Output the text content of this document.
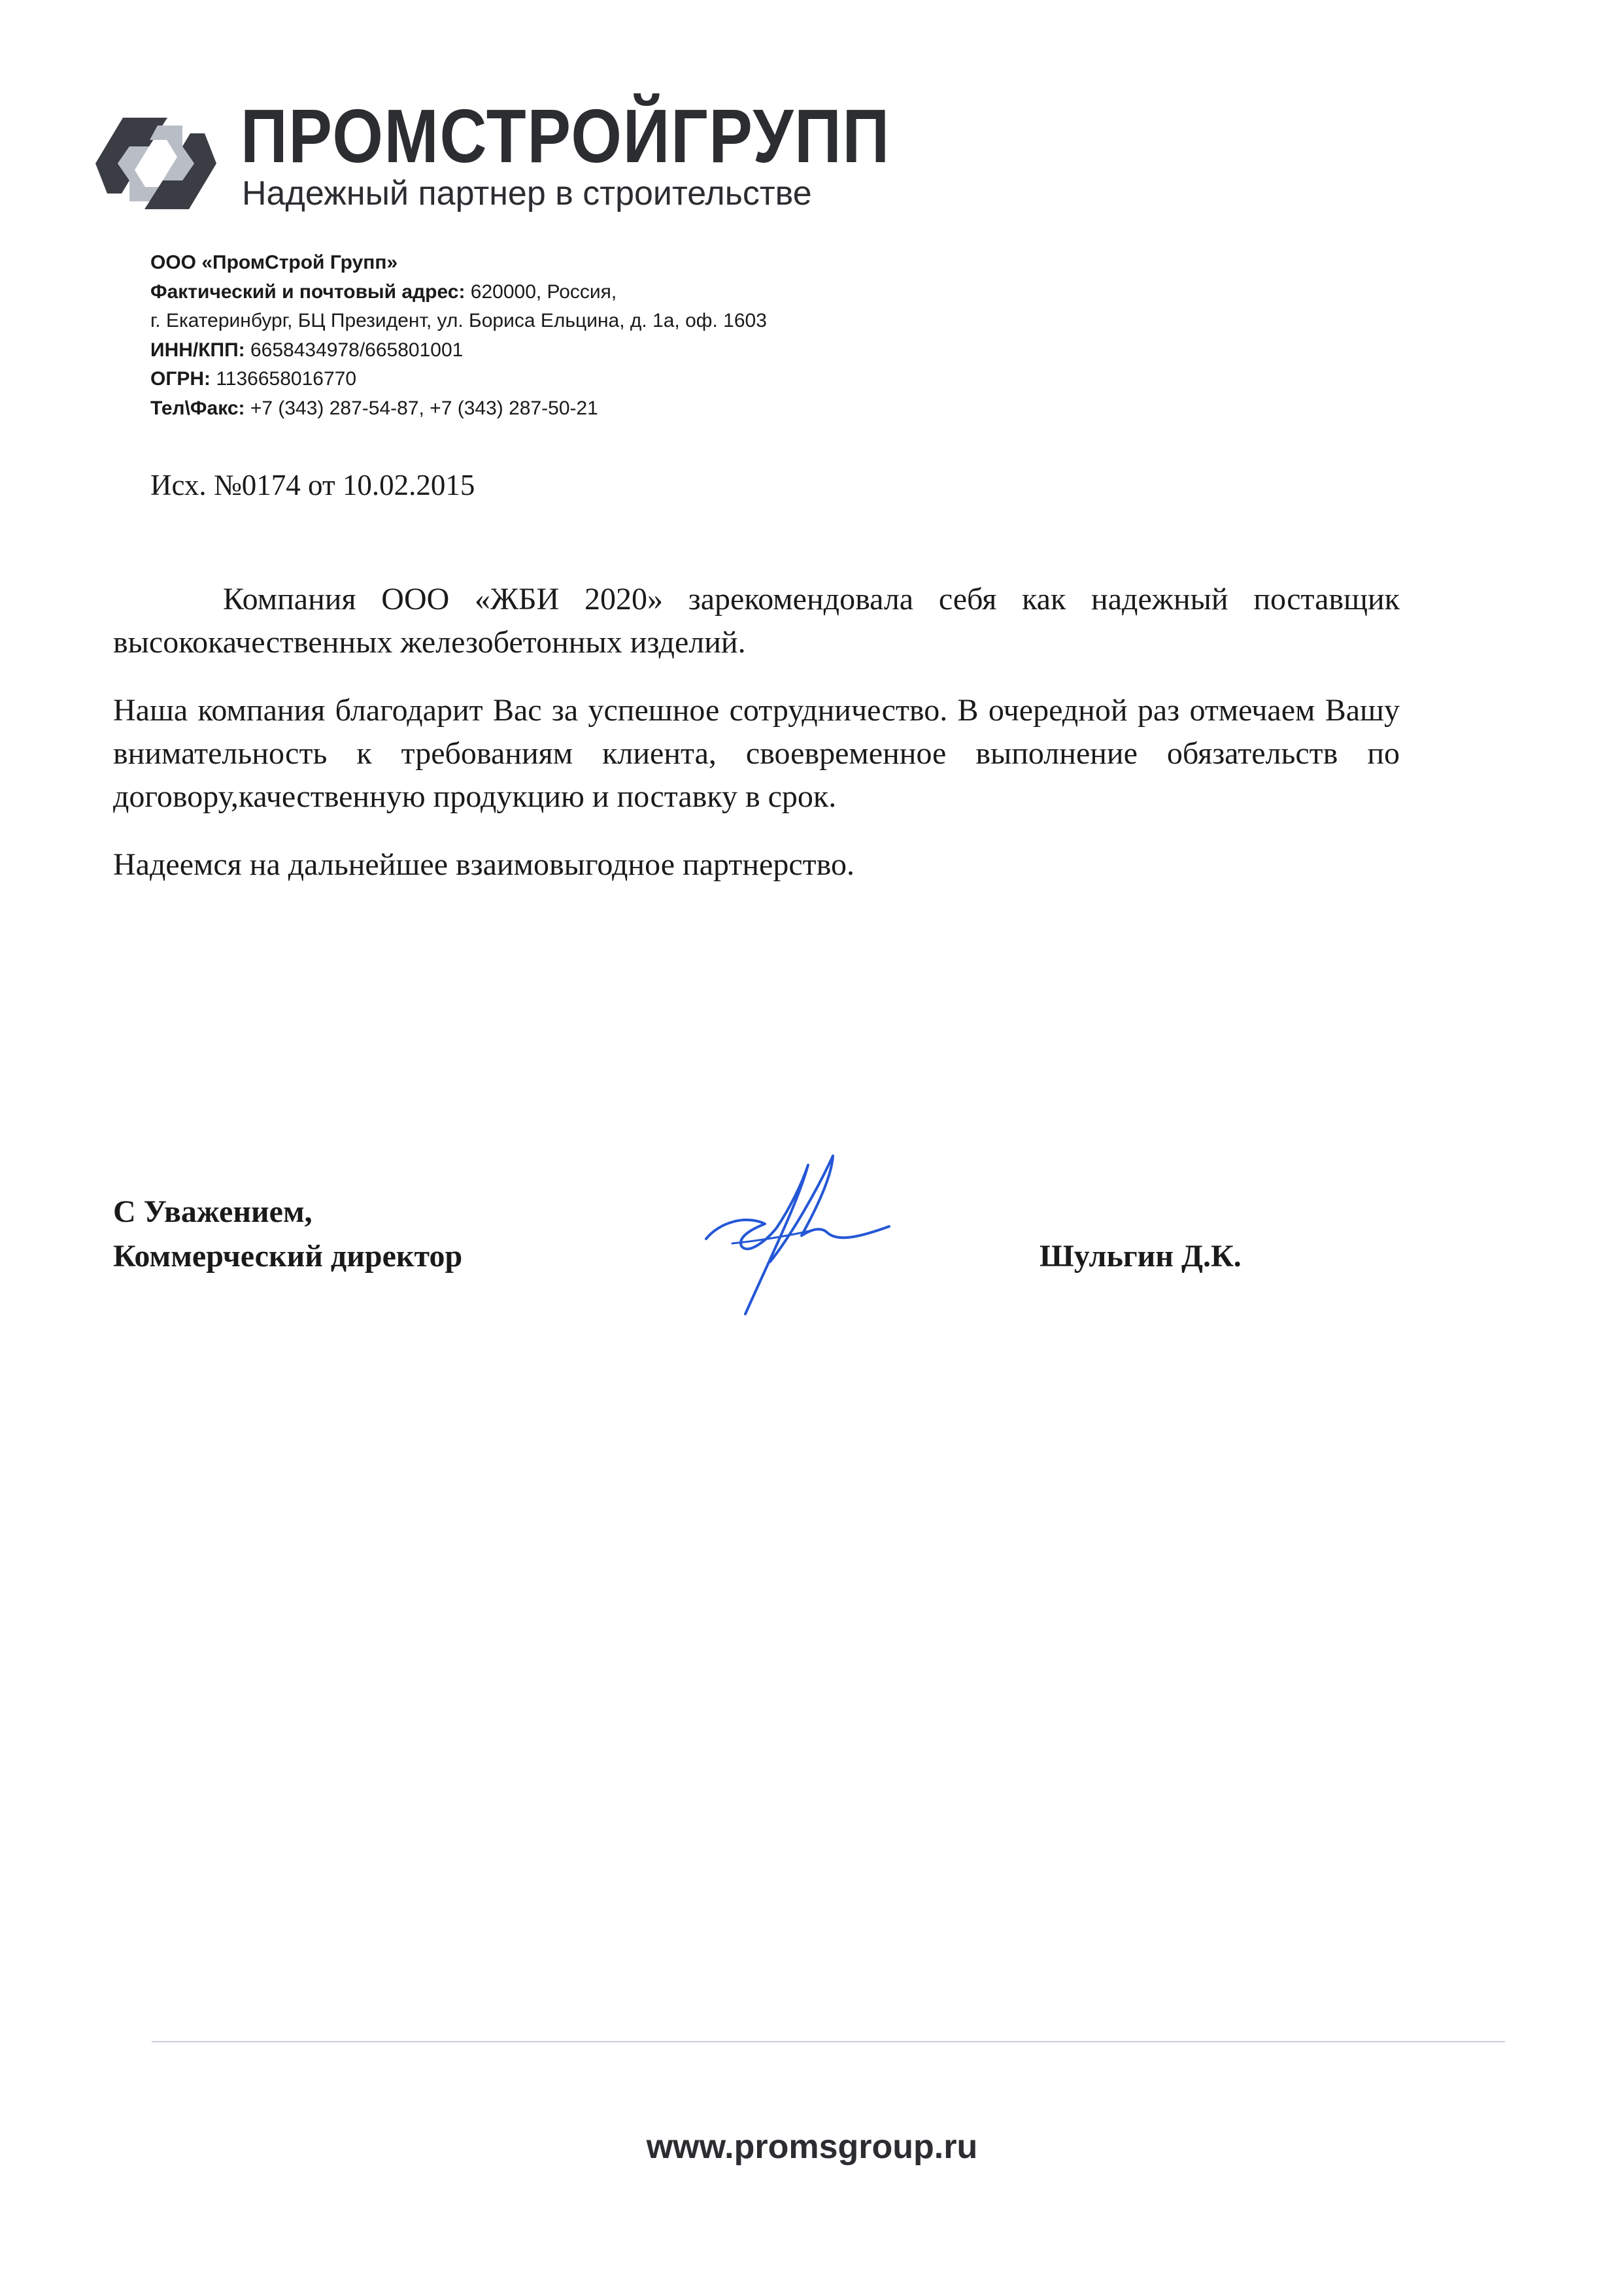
ПРОМСТРОЙГРУПП
Надежный партнер в строительстве
ООО «ПромСтрой Групп»
Фактический и почтовый адрес: 620000, Россия,
г. Екатеринбург, БЦ Президент, ул. Бориса Ельцина, д. 1а, оф. 1603
ИНН/КПП: 6658434978/665801001
ОГРН: 1136658016770
Тел\Факс: +7 (343) 287-54-87, +7 (343) 287-50-21
Исх. №0174 от 10.02.2015

Компания ООО «ЖБИ 2020» зарекомендовала себя как надежный поставщик высококачественных железобетонных изделий.

Наша компания благодарит Вас за успешное сотрудничество. В очередной раз отмечаем Вашу внимательность к требованиям клиента, своевременное выполнение обязательств по договору,качественную продукцию и поставку в срок.

Надеемся на дальнейшее взаимовыгодное партнерство.

С Уважением,
Коммерческий директор	Шульгин Д.К.
www.promsgroup.ru
